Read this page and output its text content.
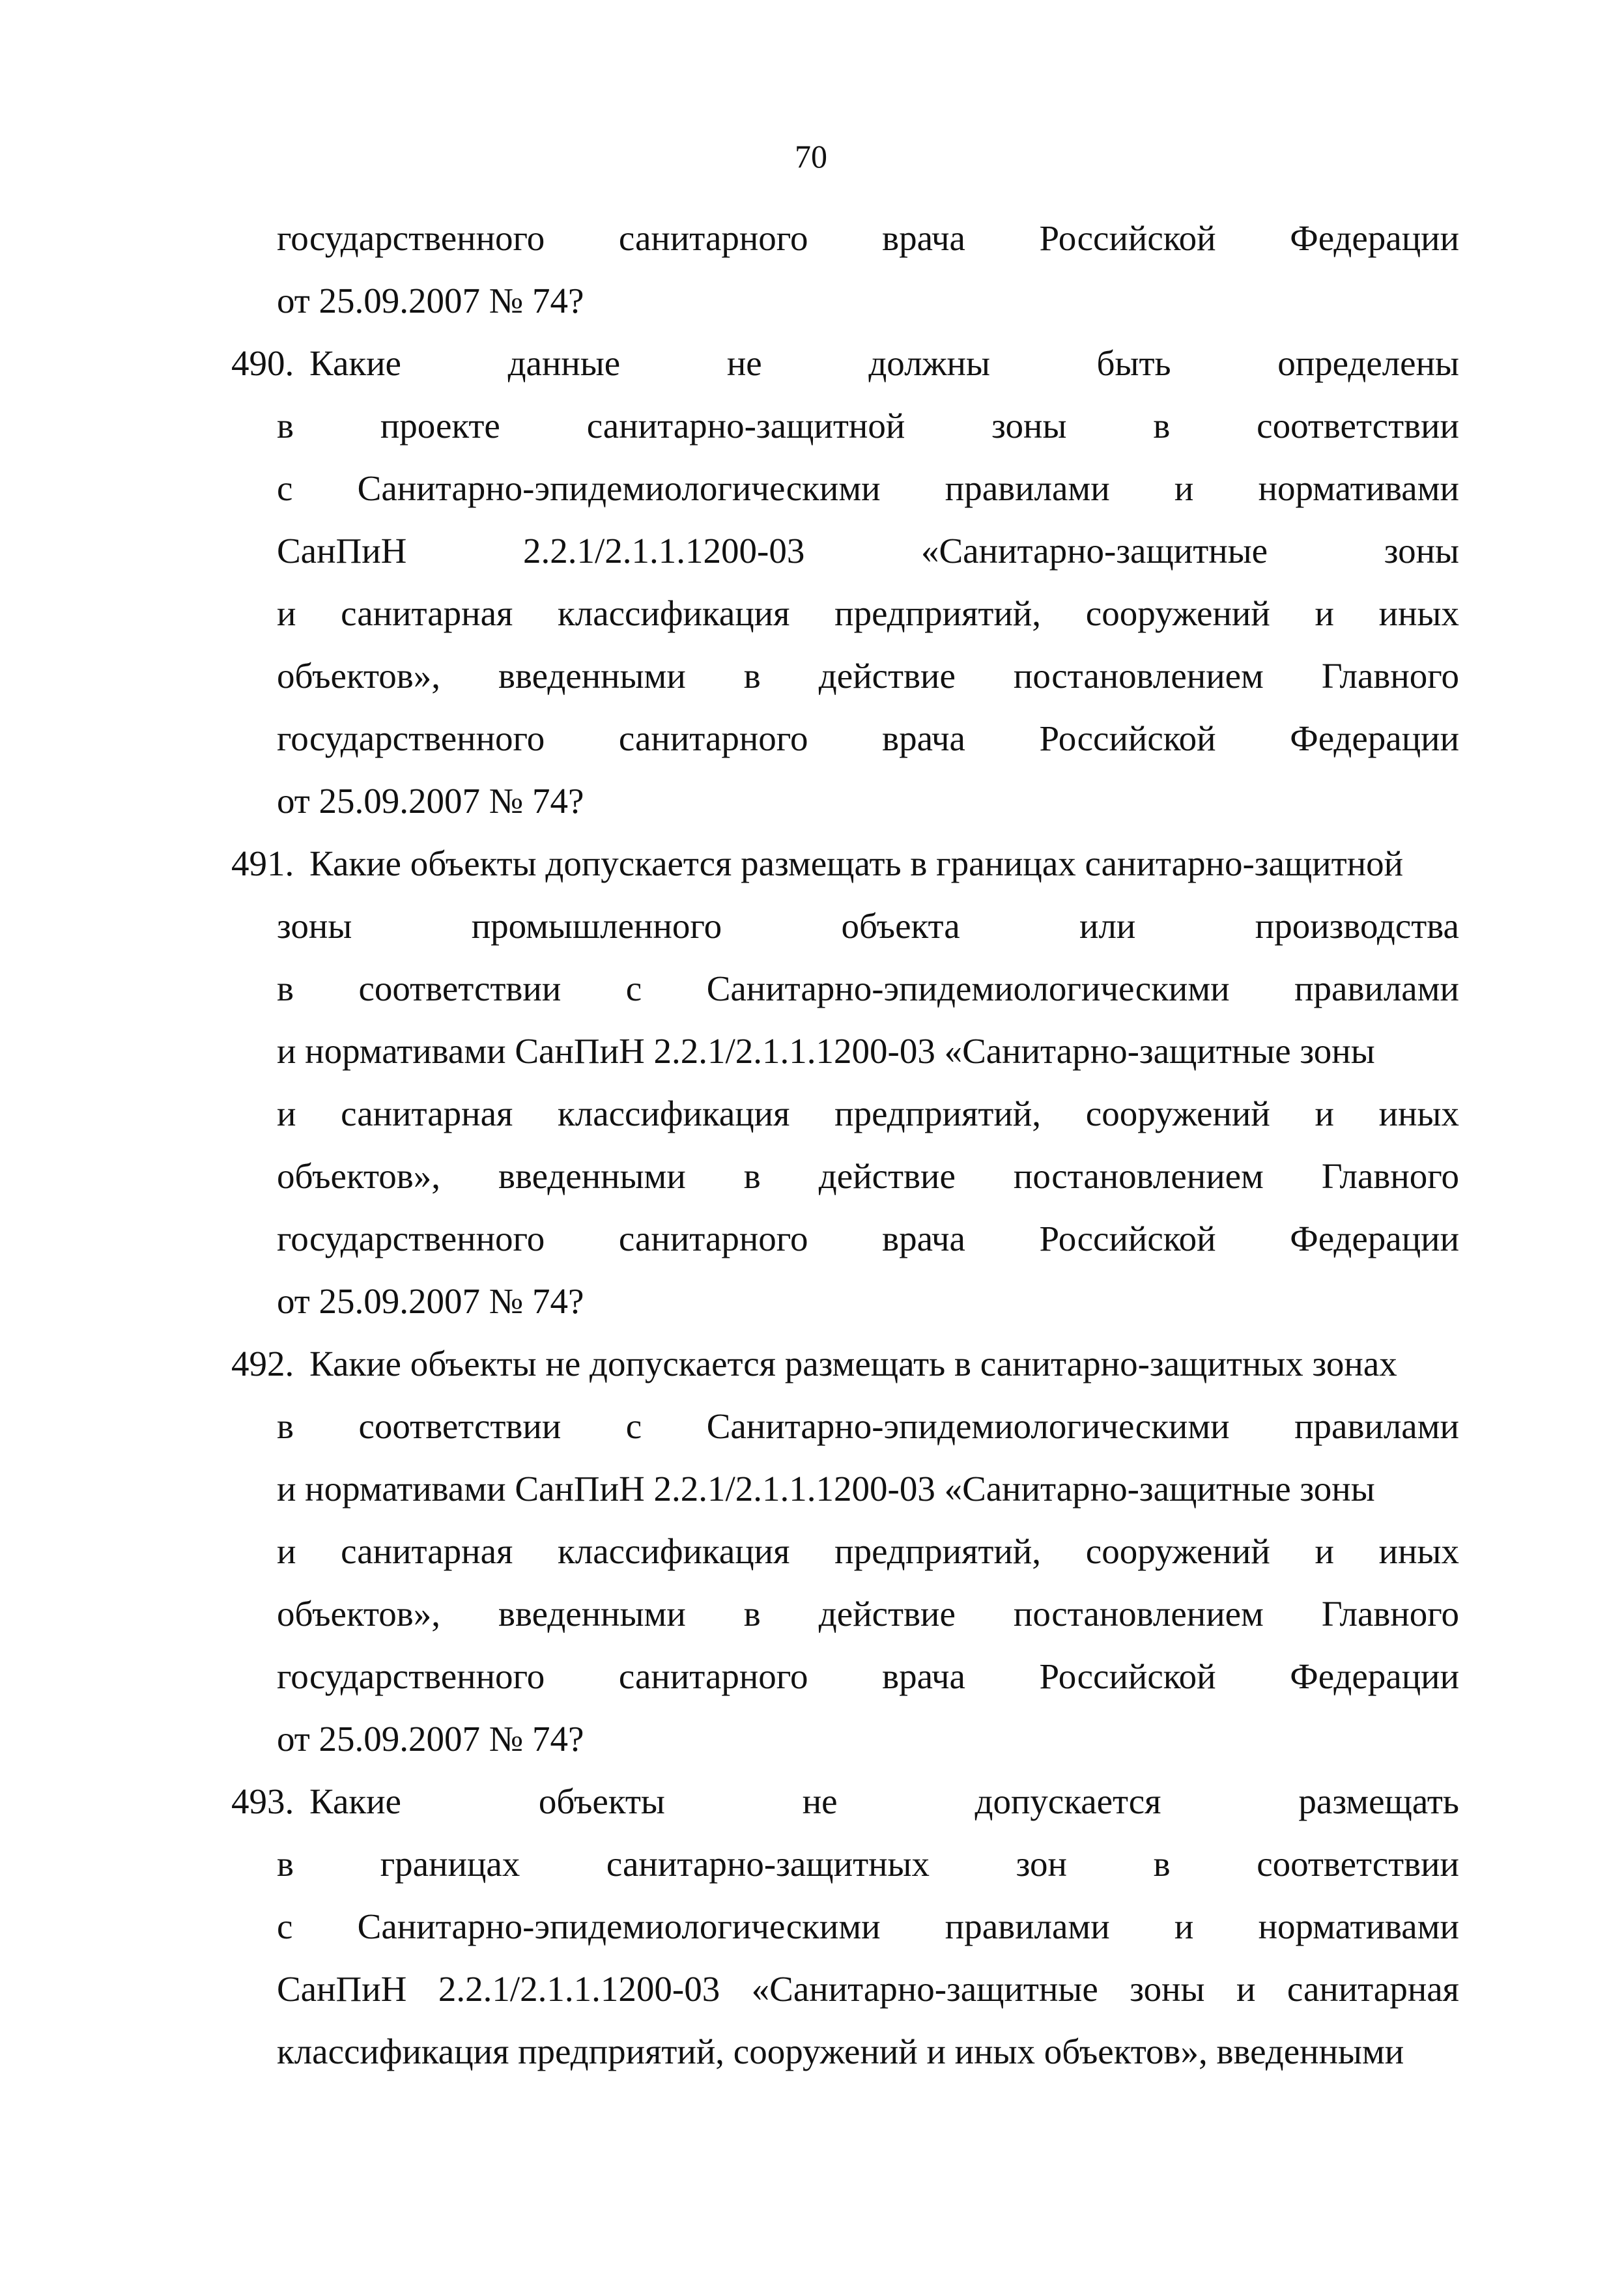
70
государственного санитарного врача Российской Федерации
от 25.09.2007 № 74?
490. Какие	данные	не	должны	быть	определены
в проекте санитарно-защитной зоны в соответствии
с Санитарно-эпидемиологическими правилами и нормативами
СанПиН	2.2.1/2.1.1.1200-03	«Санитарно-защитные	зоны
и санитарная классификация предприятий, сооружений и иных
объектов», введенными в действие постановлением Главного
государственного санитарного врача Российской Федерации
от 25.09.2007 № 74?
491. Какие объекты допускается размещать в границах санитарно-защитной
зоны	промышленного	объекта	или	производства
в соответствии с Санитарно-эпидемиологическими правилами
и нормативами СанПиН 2.2.1/2.1.1.1200-03 «Санитарно-защитные зоны
и санитарная классификация предприятий, сооружений и иных
объектов», введенными в действие постановлением Главного
государственного санитарного врача Российской Федерации
от 25.09.2007 № 74?
492. Какие объекты не допускается размещать в санитарно-защитных зонах
в соответствии с Санитарно-эпидемиологическими правилами
и нормативами СанПиН 2.2.1/2.1.1.1200-03 «Санитарно-защитные зоны
и санитарная классификация предприятий, сооружений и иных
объектов», введенными в действие постановлением Главного
государственного санитарного врача Российской Федерации
от 25.09.2007 № 74?
493. Какие	объекты	не	допускается	размещать
в границах санитарно-защитных зон в соответствии
с Санитарно-эпидемиологическими правилами и нормативами
СанПиН 2.2.1/2.1.1.1200-03 «Санитарно-защитные зоны и санитарная
классификация предприятий, сооружений и иных объектов», введенными
